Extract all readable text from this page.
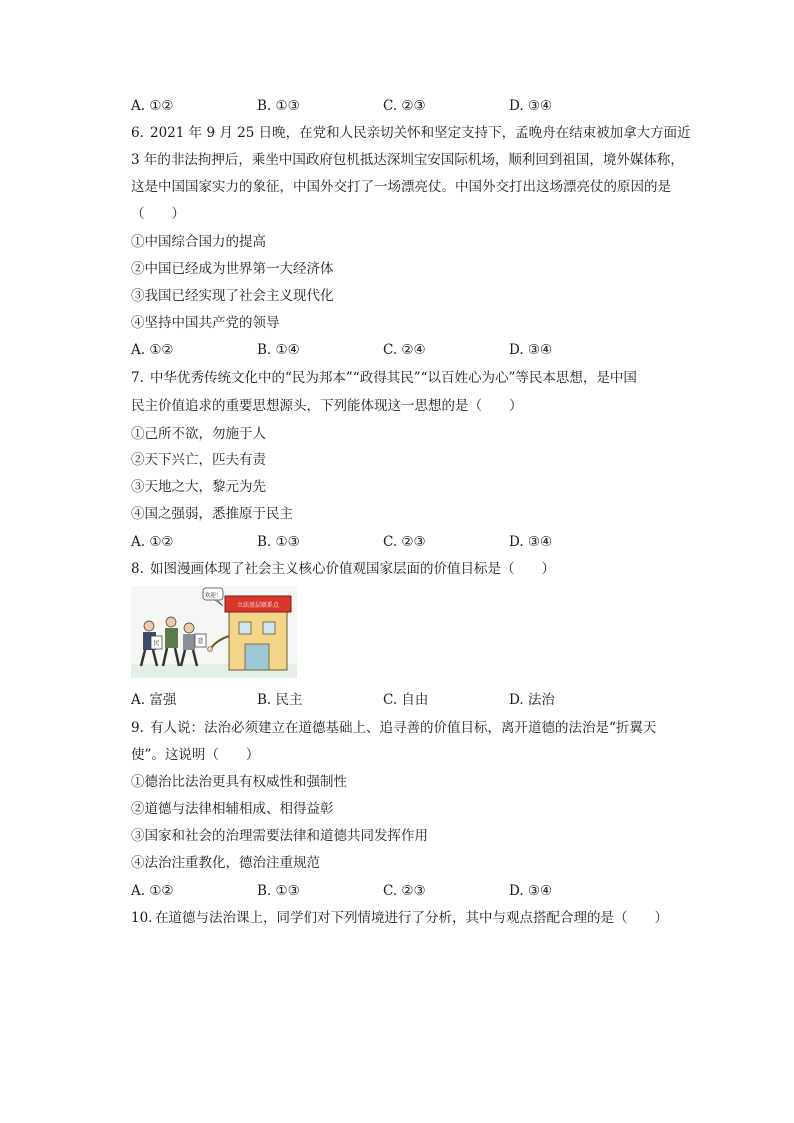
A. ①②	B. ①③	C. ②③	D. ③④
6. 2021 年 9 月 25 日晚，在党和人民亲切关怀和坚定支持下，孟晚舟在结束被加拿大方面近
3 年的非法拘押后，乘坐中国政府包机抵达深圳宝安国际机场，顺利回到祖国，境外媒体称，
这是中国国家实力的象征，中国外交打了一场漂亮仗。中国外交打出这场漂亮仗的原因的是
（　　）
①中国综合国力的提高
②中国已经成为世界第一大经济体
③我国已经实现了社会主义现代化
④坚持中国共产党的领导
A. ①②	B. ①④	C. ②④	D. ③④
7. 中华优秀传统文化中的“民为邦本”“政得其民”“以百姓心为心”等民本思想，是中国
民主价值追求的重要思想源头，下列能体现这一思想的是（　　）
①己所不欲，勿施于人
②天下兴亡，匹夫有责
③天地之大，黎元为先
④国之强弱，悉推原于民主
A. ①②	B. ①③	C. ②③	D. ③④
8. 如图漫画体现了社会主义核心价值观国家层面的价值目标是（　　）
立法基层联系点
欢迎！
民	意
A. 富强	B. 民主	C. 自由	D. 法治
9. 有人说：法治必须建立在道德基础上、追寻善的价值目标，离开道德的法治是“折翼天
使”。这说明（　　）
①德治比法治更具有权威性和强制性
②道德与法律相辅相成、相得益彰
③国家和社会的治理需要法律和道德共同发挥作用
④法治注重教化，德治注重规范
A. ①②	B. ①③	C. ②③	D. ③④
10. 在道德与法治课上，同学们对下列情境进行了分析，其中与观点搭配合理的是（　　）
